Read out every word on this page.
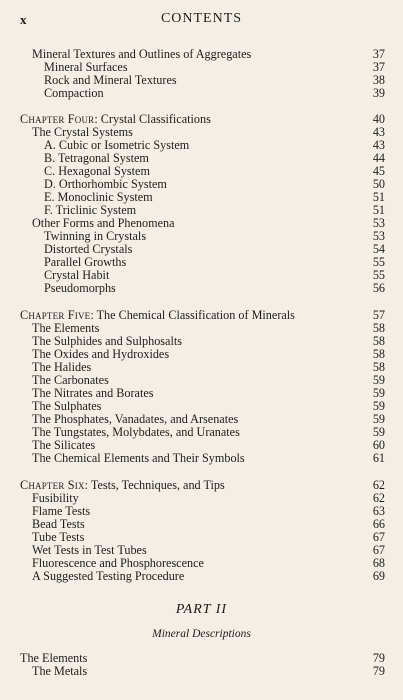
x	CONTENTS
Mineral Textures and Outlines of Aggregates	37
Mineral Surfaces	37
Rock and Mineral Textures	38
Compaction	39
Chapter Four: Crystal Classifications	40
The Crystal Systems	43
A. Cubic or Isometric System	43
B. Tetragonal System	44
C. Hexagonal System	45
D. Orthorhombic System	50
E. Monoclinic System	51
F. Triclinic System	51
Other Forms and Phenomena	53
Twinning in Crystals	53
Distorted Crystals	54
Parallel Growths	55
Crystal Habit	55
Pseudomorphs	56
Chapter Five: The Chemical Classification of Minerals	57
The Elements	58
The Sulphides and Sulphosalts	58
The Oxides and Hydroxides	58
The Halides	58
The Carbonates	59
The Nitrates and Borates	59
The Sulphates	59
The Phosphates, Vanadates, and Arsenates	59
The Tungstates, Molybdates, and Uranates	59
The Silicates	60
The Chemical Elements and Their Symbols	61
Chapter Six: Tests, Techniques, and Tips	62
Fusibility	62
Flame Tests	63
Bead Tests	66
Tube Tests	67
Wet Tests in Test Tubes	67
Fluorescence and Phosphorescence	68
A Suggested Testing Procedure	69
The Elements	79
The Metals	79
PART II
Mineral Descriptions
